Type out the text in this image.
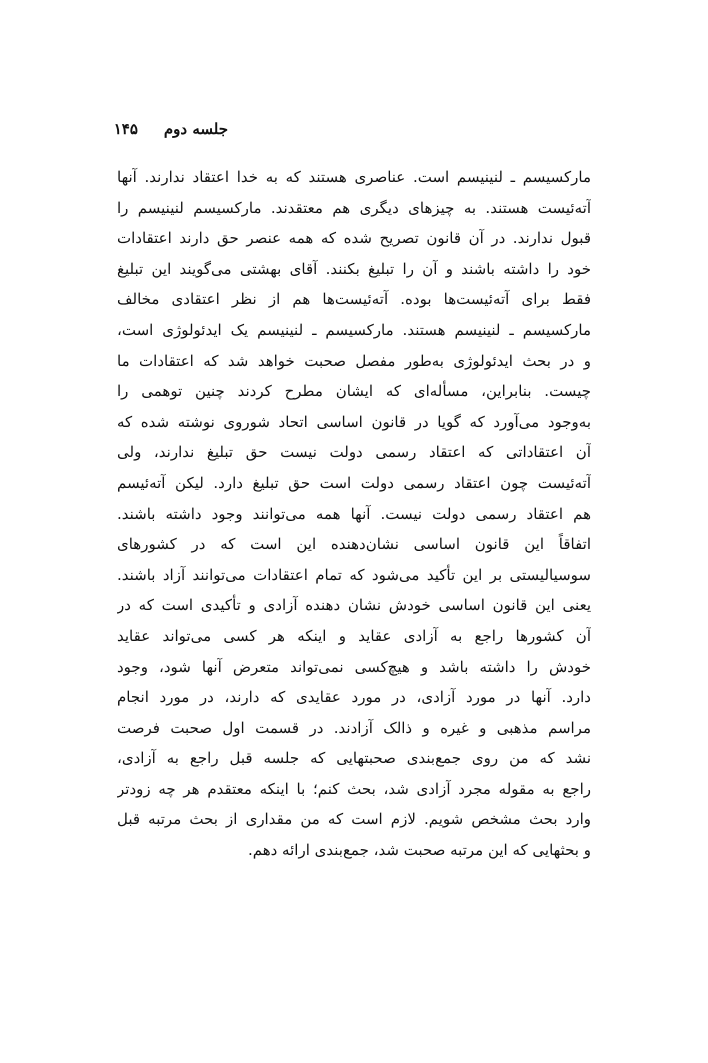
جلسه دوم۱۴۵
مارکسیسم ـ لنینیسم است. عناصری هستند که به خدا اعتقاد ندارند. آنها
آته‌ئیست هستند. به چیزهای دیگری هم معتقدند. مارکسیسم لنینیسم را
قبول ندارند. در آن قانون تصریح شده که همه عنصر حق دارند اعتقادات
خود را داشته باشند و آن را تبلیغ بکنند. آقای بهشتی می‌گویند این تبلیغ
فقط برای آته‌ئیست‌ها بوده. آته‌ئیست‌ها هم از نظر اعتقادی مخالف
مارکسیسم ـ لنینیسم هستند. مارکسیسم ـ لنینیسم یک ایدئولوژی است،
و در بحث ایدئولوژی به‌طور مفصل صحبت خواهد شد که اعتقادات ما
چیست. بنابراین، مسأله‌ای که ایشان مطرح کردند چنین توهمی را
به‌وجود می‌آورد که گویا در قانون اساسی اتحاد شوروی نوشته شده که
آن اعتقاداتی که اعتقاد رسمی دولت نیست حق تبلیغ ندارند، ولی
آته‌ئیست چون اعتقاد رسمی دولت است حق تبلیغ دارد. لیکن آته‌ئیسم
هم اعتقاد رسمی دولت نیست. آنها همه می‌توانند وجود داشته باشند.
اتفاقاً این قانون اساسی نشان‌دهنده این است که در کشورهای
سوسیالیستی بر این تأکید می‌شود که تمام اعتقادات می‌توانند آزاد باشند.
یعنی این قانون اساسی خودش نشان دهنده آزادی و تأکیدی است که در
آن کشورها راجع به آزادی عقاید و اینکه هر کسی می‌تواند عقاید
خودش را داشته باشد و هیچ‌کسی نمی‌تواند متعرض آنها شود، وجود
دارد. آنها در مورد آزادی، در مورد عقایدی که دارند، در مورد انجام
مراسم مذهبی و غیره و ذالک آزادند. در قسمت اول صحبت فرصت
نشد که من روی جمع‌بندی صحبتهایی که جلسه قبل راجع به آزادی،
راجع به مقوله مجرد آزادی شد، بحث کنم؛ با اینکه معتقدم هر چه زودتر
وارد بحث مشخص شویم. لازم است که من مقداری از بحث مرتبه قبل
و بحثهایی که این مرتبه صحبت شد، جمع‌بندی ارائه دهم.
